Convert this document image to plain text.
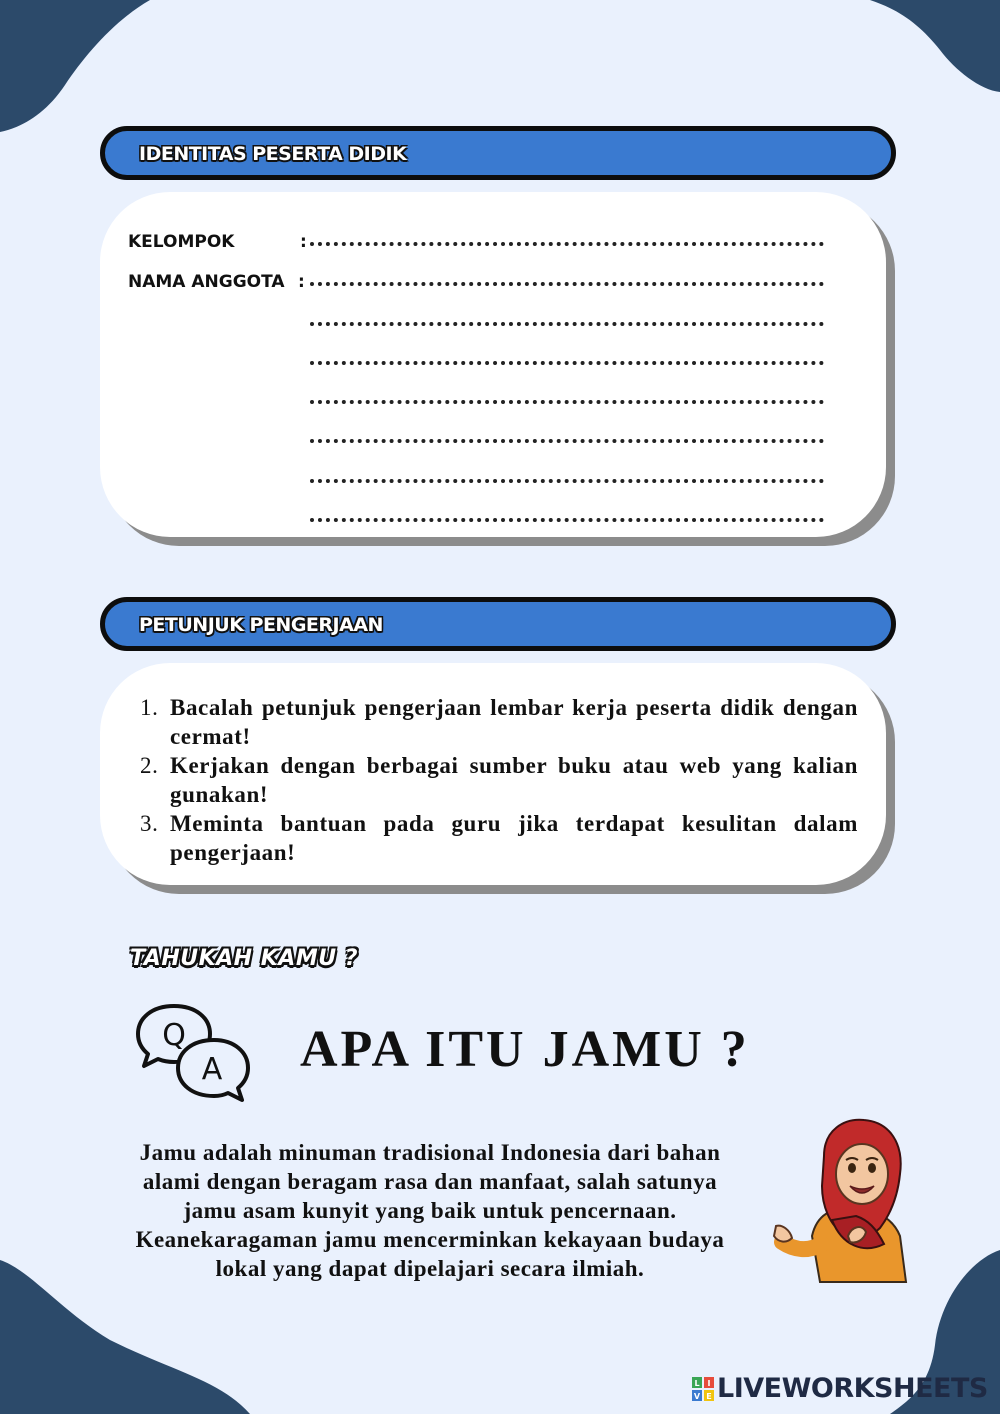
IDENTITAS PESERTA DIDIK
KELOMPOK	:
NAMA ANGGOTA :
PETUNJUK PENGERJAAN
1. Bacalah petunjuk pengerjaan lembar kerja peserta didik dengan cermat!
2. Kerjakan dengan berbagai sumber buku atau web yang kalian gunakan!
3. Meminta bantuan pada guru jika terdapat kesulitan dalam pengerjaan!
TAHUKAH KAMU ?
Q
A APA ITU JAMU ?
Jamu adalah minuman tradisional Indonesia dari bahan
alami dengan beragam rasa dan manfaat, salah satunya
jamu asam kunyit yang baik untuk pencernaan.
Keanekaragaman jamu mencerminkan kekayaan budaya
lokal yang dapat dipelajari secara ilmiah.
L I
V E LIVEWORKSHEETS
